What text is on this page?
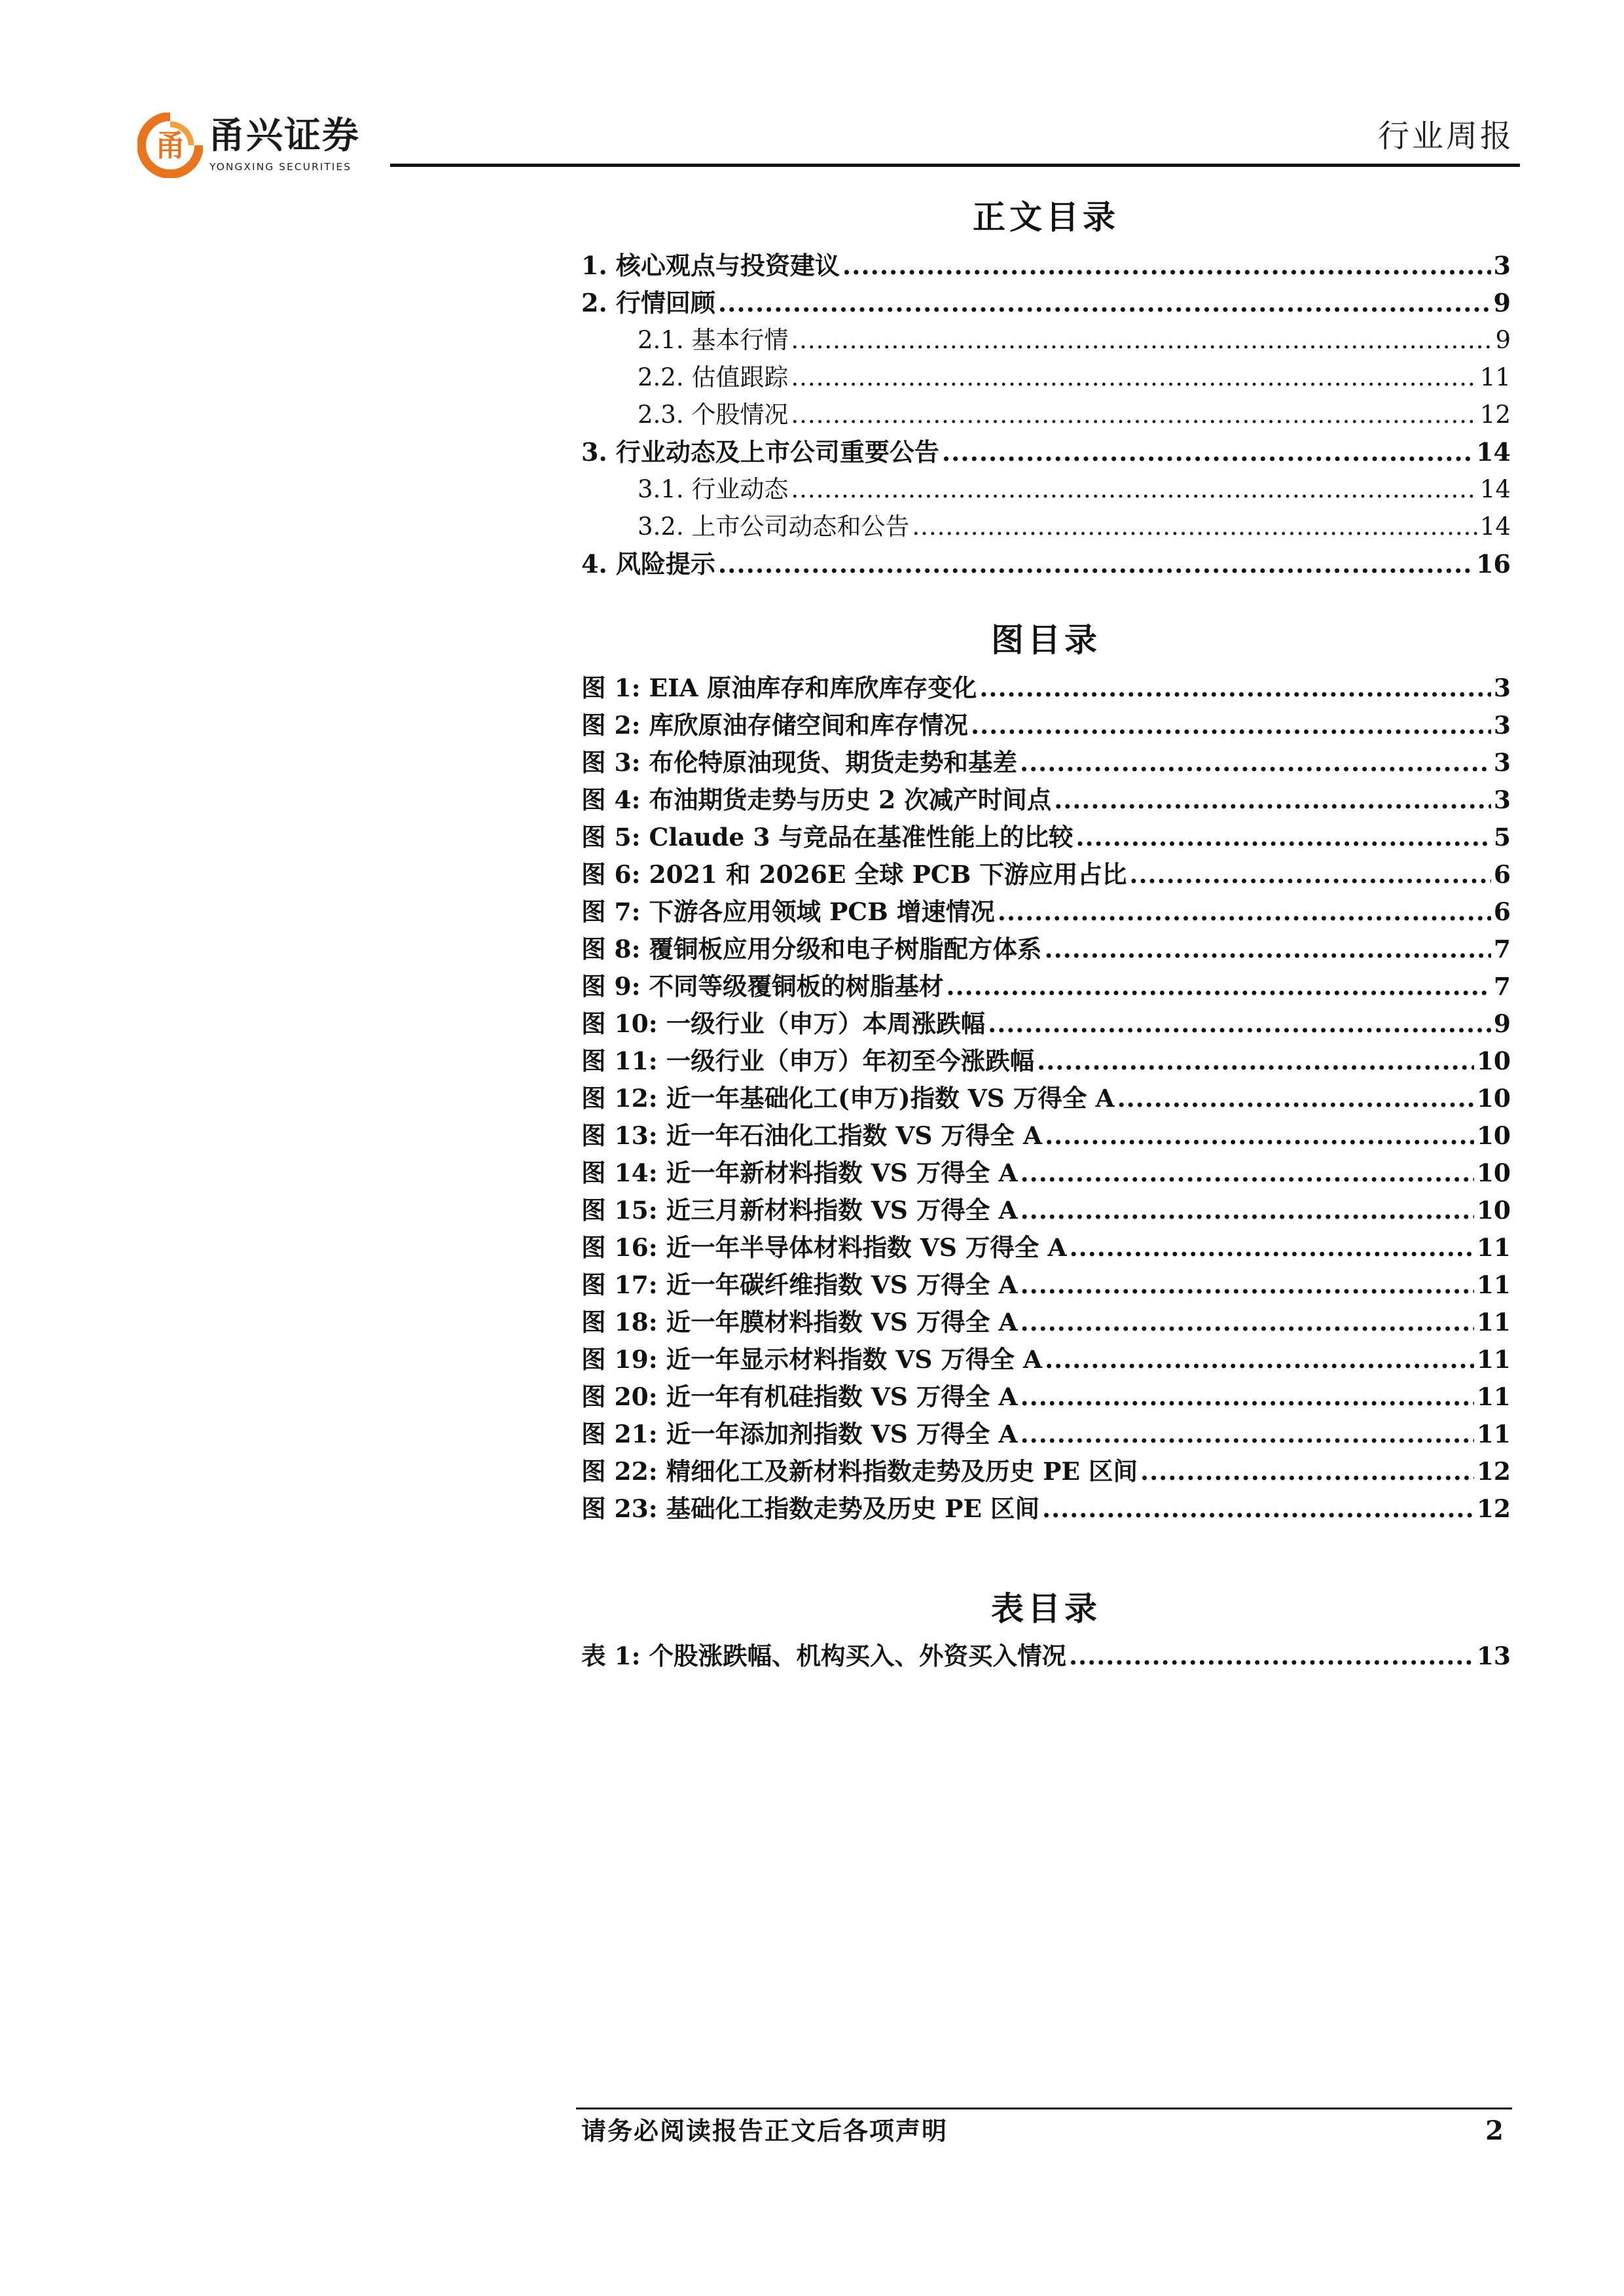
甬 甬兴证券
YONGXING SECURITIES
行业周报
正文目录
1. 核心观点与投资建议 .....	3
2. 行情回顾 .....	9
2.1. 基本行情 .....	9
2.2. 估值跟踪 .....	11
2.3. 个股情况 .....	12
3. 行业动态及上市公司重要公告 .....	14
3.1. 行业动态 .....	14
3.2. 上市公司动态和公告 .....	14
4. 风险提示 .....	16
图目录
图 1: EIA 原油库存和库欣库存变化 .....	3
图 2: 库欣原油存储空间和库存情况 .....	3
图 3: 布伦特原油现货、期货走势和基差 .....	3
图 4: 布油期货走势与历史 2 次减产时间点 .....	3
图 5: Claude 3 与竞品在基准性能上的比较 .....	5
图 6: 2021 和 2026E 全球 PCB 下游应用占比 .....	6
图 7: 下游各应用领域 PCB 增速情况 .....	6
图 8: 覆铜板应用分级和电子树脂配方体系 .....	7
图 9: 不同等级覆铜板的树脂基材 .....	7
图 10: 一级行业（申万）本周涨跌幅 .....	9
图 11: 一级行业（申万）年初至今涨跌幅 .....	10
图 12: 近一年基础化工(申万)指数 VS 万得全 A .....	10
图 13: 近一年石油化工指数 VS 万得全 A .....	10
图 14: 近一年新材料指数 VS 万得全 A .....	10
图 15: 近三月新材料指数 VS 万得全 A .....	10
图 16: 近一年半导体材料指数 VS 万得全 A .....	11
图 17: 近一年碳纤维指数 VS 万得全 A .....	11
图 18: 近一年膜材料指数 VS 万得全 A .....	11
图 19: 近一年显示材料指数 VS 万得全 A .....	11
图 20: 近一年有机硅指数 VS 万得全 A .....	11
图 21: 近一年添加剂指数 VS 万得全 A .....	11
图 22: 精细化工及新材料指数走势及历史 PE 区间 .....	12
图 23: 基础化工指数走势及历史 PE 区间 .....	12
表目录
表 1: 个股涨跌幅、机构买入、外资买入情况 .....	13
请务必阅读报告正文后各项声明	2
